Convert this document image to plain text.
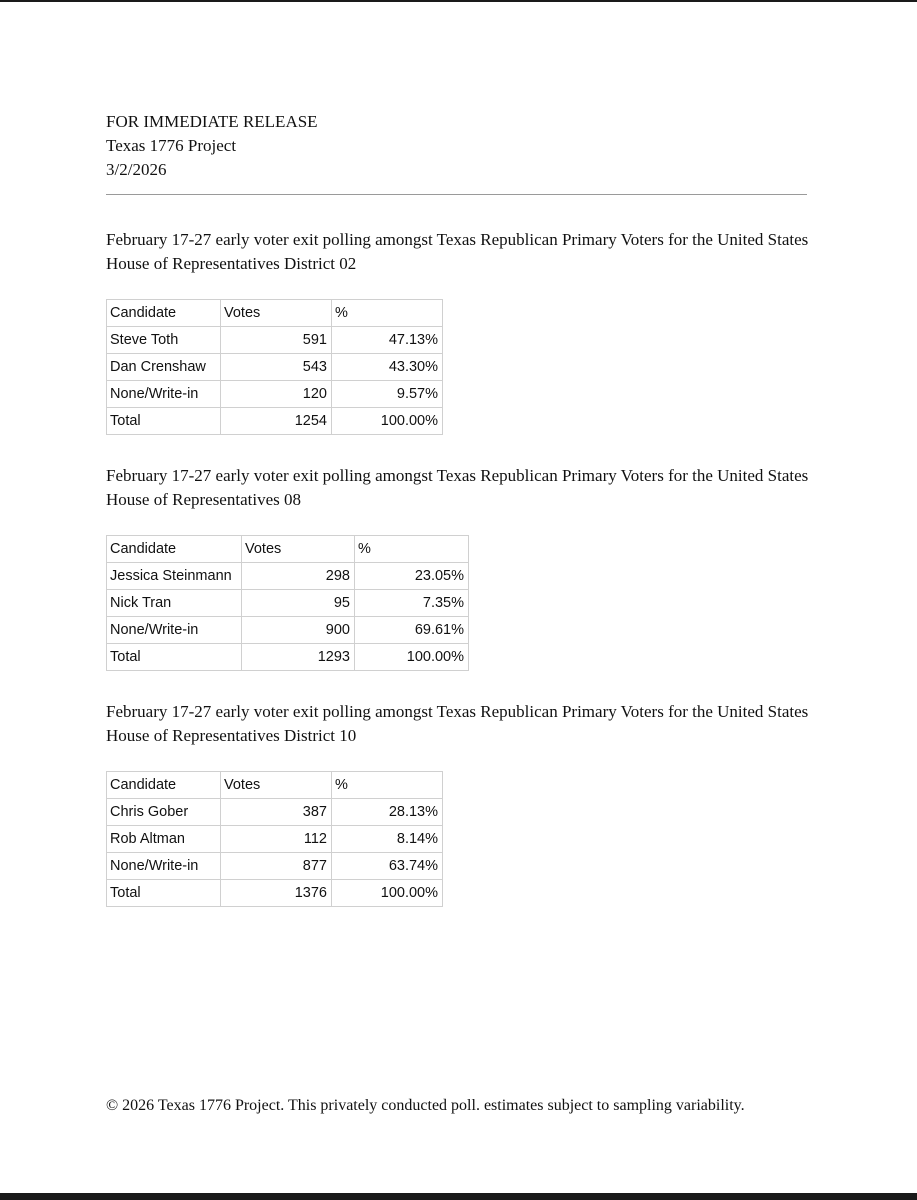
FOR IMMEDIATE RELEASE
Texas 1776 Project
3/2/2026
February 17-27 early voter exit polling amongst Texas Republican Primary Voters for the United States House of Representatives District 02
Candidate	Votes	%
Steve Toth	591	47.13%
Dan Crenshaw	543	43.30%
None/Write-in	120	9.57%
Total	1254	100.00%
February 17-27 early voter exit polling amongst Texas Republican Primary Voters for the United States House of Representatives 08
Candidate	Votes	%
Jessica Steinmann	298	23.05%
Nick Tran	95	7.35%
None/Write-in	900	69.61%
Total	1293	100.00%
February 17-27 early voter exit polling amongst Texas Republican Primary Voters for the United States House of Representatives District 10
Candidate	Votes	%
Chris Gober	387	28.13%
Rob Altman	112	8.14%
None/Write-in	877	63.74%
Total	1376	100.00%
© 2026 Texas 1776 Project. This privately conducted poll. estimates subject to sampling variability.
